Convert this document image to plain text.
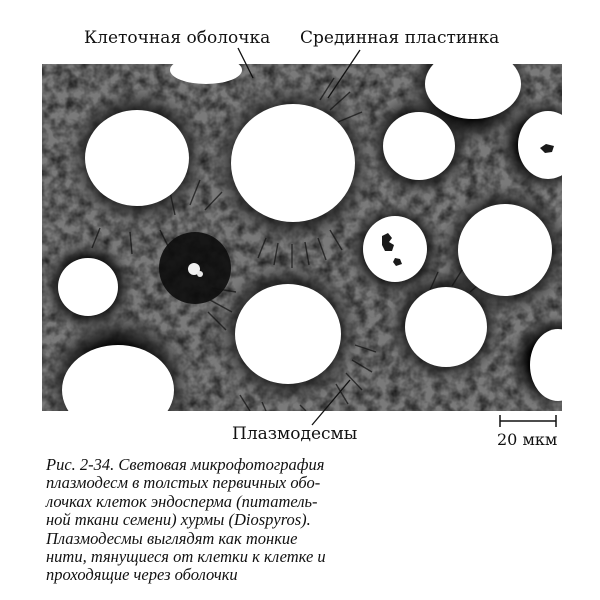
Клеточная оболочка Срединная пластинка
Плазмодесмы	20 мкм
Рис. 2-34. Световая микрофотография
плазмодесм в толстых первичных обо-
лочках клеток эндосперма (питатель-
ной ткани семени) хурмы (Diospyros).
Плазмодесмы выглядят как тонкие
нити, тянущиеся от клетки к клетке и
проходящие через оболочки
